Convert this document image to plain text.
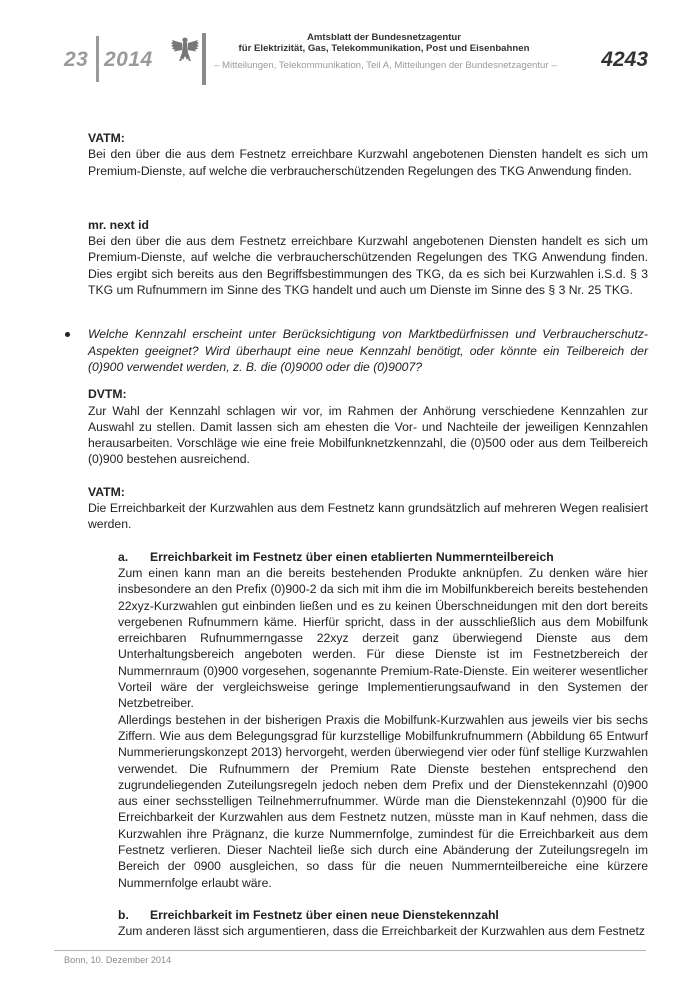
23 2014
Amtsblatt der Bundesnetzagentur
für Elektrizität, Gas, Telekommunikation, Post und Eisenbahnen
– Mitteilungen, Telekommunikation, Teil A, Mitteilungen der Bundesnetzagentur – 4243

VATM:

Bei den über die aus dem Festnetz erreichbare Kurzwahl angebotenen Diensten handelt es sich um Premium-Dienste, auf welche die verbraucherschützenden Regelungen des TKG Anwendung finden.

mr. next id

Bei den über die aus dem Festnetz erreichbare Kurzwahl angebotenen Diensten handelt es sich um Premium-Dienste, auf welche die verbraucherschützenden Regelungen des TKG Anwendung finden. Dies ergibt sich bereits aus den Begriffsbestimmungen des TKG, da es sich bei Kurzwahlen i.S.d. § 3 TKG um Rufnummern im Sinne des TKG handelt und auch um Dienste im Sinne des § 3 Nr. 25 TKG.

Welche Kennzahl erscheint unter Berücksichtigung von Marktbedürfnissen und Verbraucherschutz-Aspekten geeignet? Wird überhaupt eine neue Kennzahl benötigt, oder könnte ein Teilbereich der (0)900 verwendet werden, z. B. die (0)9000 oder die (0)9007?

DVTM:

Zur Wahl der Kennzahl schlagen wir vor, im Rahmen der Anhörung verschiedene Kennzahlen zur Auswahl zu stellen. Damit lassen sich am ehesten die Vor- und Nachteile der jeweiligen Kennzahlen herausarbeiten. Vorschläge wie eine freie Mobilfunknetzkennzahl, die (0)500 oder aus dem Teilbereich (0)900 bestehen ausreichend.

VATM:

Die Erreichbarkeit der Kurzwahlen aus dem Festnetz kann grundsätzlich auf mehreren Wegen realisiert werden.

a.	Erreichbarkeit im Festnetz über einen etablierten Nummernteilbereich

Zum einen kann man an die bereits bestehenden Produkte anknüpfen. Zu denken wäre hier insbesondere an den Prefix (0)900-2 da sich mit ihm die im Mobilfunkbereich bereits bestehenden 22xyz-Kurzwahlen gut einbinden ließen und es zu keinen Überschneidungen mit den dort bereits vergebenen Rufnummern käme. Hierfür spricht, dass in der ausschließlich aus dem Mobilfunk erreichbaren Rufnummerngasse 22xyz derzeit ganz überwiegend Dienste aus dem Unterhaltungsbereich angeboten werden. Für diese Dienste ist im Festnetzbereich der Nummernraum (0)900 vorgesehen, sogenannte Premium-Rate-Dienste. Ein weiterer wesentlicher Vorteil wäre der vergleichsweise geringe Implementierungsaufwand in den Systemen der Netzbetreiber.

Allerdings bestehen in der bisherigen Praxis die Mobilfunk-Kurzwahlen aus jeweils vier bis sechs Ziffern. Wie aus dem Belegungsgrad für kurzstellige Mobilfunkrufnummern (Abbildung 65 Entwurf Nummerierungskonzept 2013) hervorgeht, werden überwiegend vier oder fünf stellige Kurzwahlen verwendet. Die Rufnummern der Premium Rate Dienste bestehen entsprechend den zugrundeliegenden Zuteilungsregeln jedoch neben dem Prefix und der Dienstekennzahl (0)900 aus einer sechsstelligen Teilnehmerrufnummer. Würde man die Dienstekennzahl (0)900 für die Erreichbarkeit der Kurzwahlen aus dem Festnetz nutzen, müsste man in Kauf nehmen, dass die Kurzwahlen ihre Prägnanz, die kurze Nummernfolge, zumindest für die Erreichbarkeit aus dem Festnetz verlieren. Dieser Nachteil ließe sich durch eine Abänderung der Zuteilungsregeln im Bereich der 0900 ausgleichen, so dass für die neuen Nummernteilbereiche eine kürzere Nummernfolge erlaubt wäre.

b.	Erreichbarkeit im Festnetz über einen neue Dienstekennzahl

Zum anderen lässt sich argumentieren, dass die Erreichbarkeit der Kurzwahlen aus dem Festnetz

Bonn, 10. Dezember 2014
